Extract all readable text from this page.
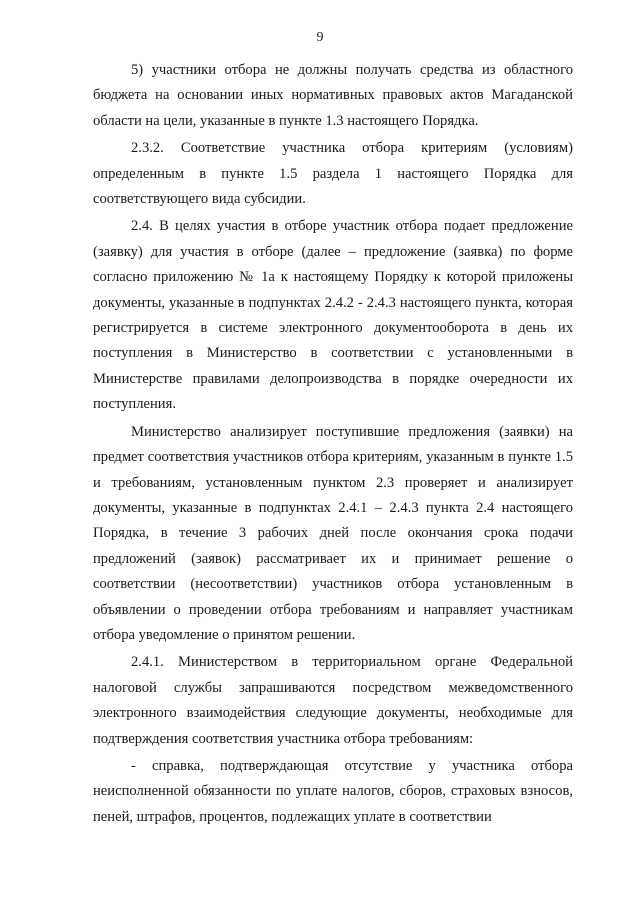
9

5) участники отбора не должны получать средства из областного бюджета на основании иных нормативных правовых актов Магаданской области на цели, указанные в пункте 1.3 настоящего Порядка.

2.3.2. Соответствие участника отбора критериям (условиям) определенным в пункте 1.5 раздела 1 настоящего Порядка для соответствующего вида субсидии.

2.4. В целях участия в отборе участник отбора подает предложение (заявку) для участия в отборе (далее – предложение (заявка) по форме согласно приложению № 1а к настоящему Порядку к которой приложены документы, указанные в подпунктах 2.4.2 - 2.4.3 настоящего пункта, которая регистрируется в системе электронного документооборота в день их поступления в Министерство в соответствии с установленными в Министерстве правилами делопроизводства в порядке очередности их поступления.

Министерство анализирует поступившие предложения (заявки) на предмет соответствия участников отбора критериям, указанным в пункте 1.5 и требованиям, установленным пунктом 2.3 проверяет и анализирует документы, указанные в подпунктах 2.4.1 – 2.4.3 пункта 2.4 настоящего Порядка, в течение 3 рабочих дней после окончания срока подачи предложений (заявок) рассматривает их и принимает решение о соответствии (несоответствии) участников отбора установленным в объявлении о проведении отбора требованиям и направляет участникам отбора уведомление о принятом решении.

2.4.1. Министерством в территориальном органе Федеральной налоговой службы запрашиваются посредством межведомственного электронного взаимодействия следующие документы, необходимые для подтверждения соответствия участника отбора требованиям:

- справка, подтверждающая отсутствие у участника отбора неисполненной обязанности по уплате налогов, сборов, страховых взносов, пеней, штрафов, процентов, подлежащих уплате в соответствии
